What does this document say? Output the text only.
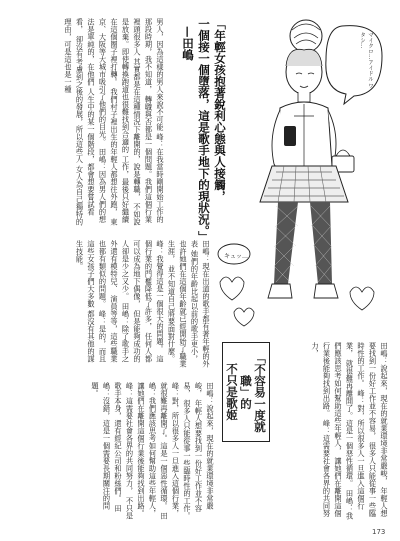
「年輕女孩抱著銳利心態與人接觸，
一個接一個墮落，這是歌手地下的現狀況。」
—田嶋
キュッ…
マイクロ…アイドル ワタシ…
男人，因為這樣的男人來說不可能 峰：在我當時剛開始工作的那段時期，我不知道， 轉職與否都是一個問題。我們這個行業裡頭很多人 其實都是在這種情況下離開的，說是轉職， 不如說是放棄。即使轉換跑道也很難找到合適的 工作，最後只好繼續在這個圈子裡打轉。 我們村子裡出生的年輕人都想往外跑， 東京、大阪等大城市吸引了他們的目光。 田嶋：因為男人們的想法是單純的，在他們 人生中的某一個階段，都會想要嘗試看看， 卻沒有考慮到之後的發展，所以這些人 女人為自己獨特的理由，可是這也是一種
田嶋：現在出道的歌手都有著年輕的外表 她們的年齡比起以前的歌手更小， 也許她們在這個年齡就已經開始了職業生涯， 並不知道自己將要面對什麼。 峰：我覺得這是一個很大的問題。 這個行業的門檻降低了許多， 任何人都可以成為地下偶像， 但是能夠成功的人卻是少之又少。 田嶋：除了歌手之外還有模特兒、 演員等等，這些職業也都有類似的問題。 峰：是的，而且這些女孩子們大多數 都沒有其他的謀生技能。
「不容易一度就職」的
不只是歌姬
田嶋：說起來，現在的就業環境非常嚴峻， 年輕人想要找到一份好工作並不容易， 很多人只能從事一些臨時性的工作。 峰：對，所以很多人一旦進入這個行業， 就很難再離開了。這是一個惡性循環。 田嶋：我們應該思考如何幫助這些年輕人， 讓她們在離開這個行業後能夠找到出路。 峰：這需要社會各界的共同努力， 不只是歌手本身，還有經紀公司和粉絲們。 田嶋：沒錯，這是一個需要長期關注的問題。	田嶋：說起來，現在的就業環境非常嚴峻， 年輕人想要找到一份好工作並不容易， 很多人只能從事一些臨時性的工作。 峰：對，所以很多人一旦進入這個行業， 就很難再離開了。這是一個惡性循環。 田嶋：我們應該思考如何幫助這些年輕人， 讓她們在離開這個行業後能夠找到出路。 峰：這需要社會各界的共同努力，
173
